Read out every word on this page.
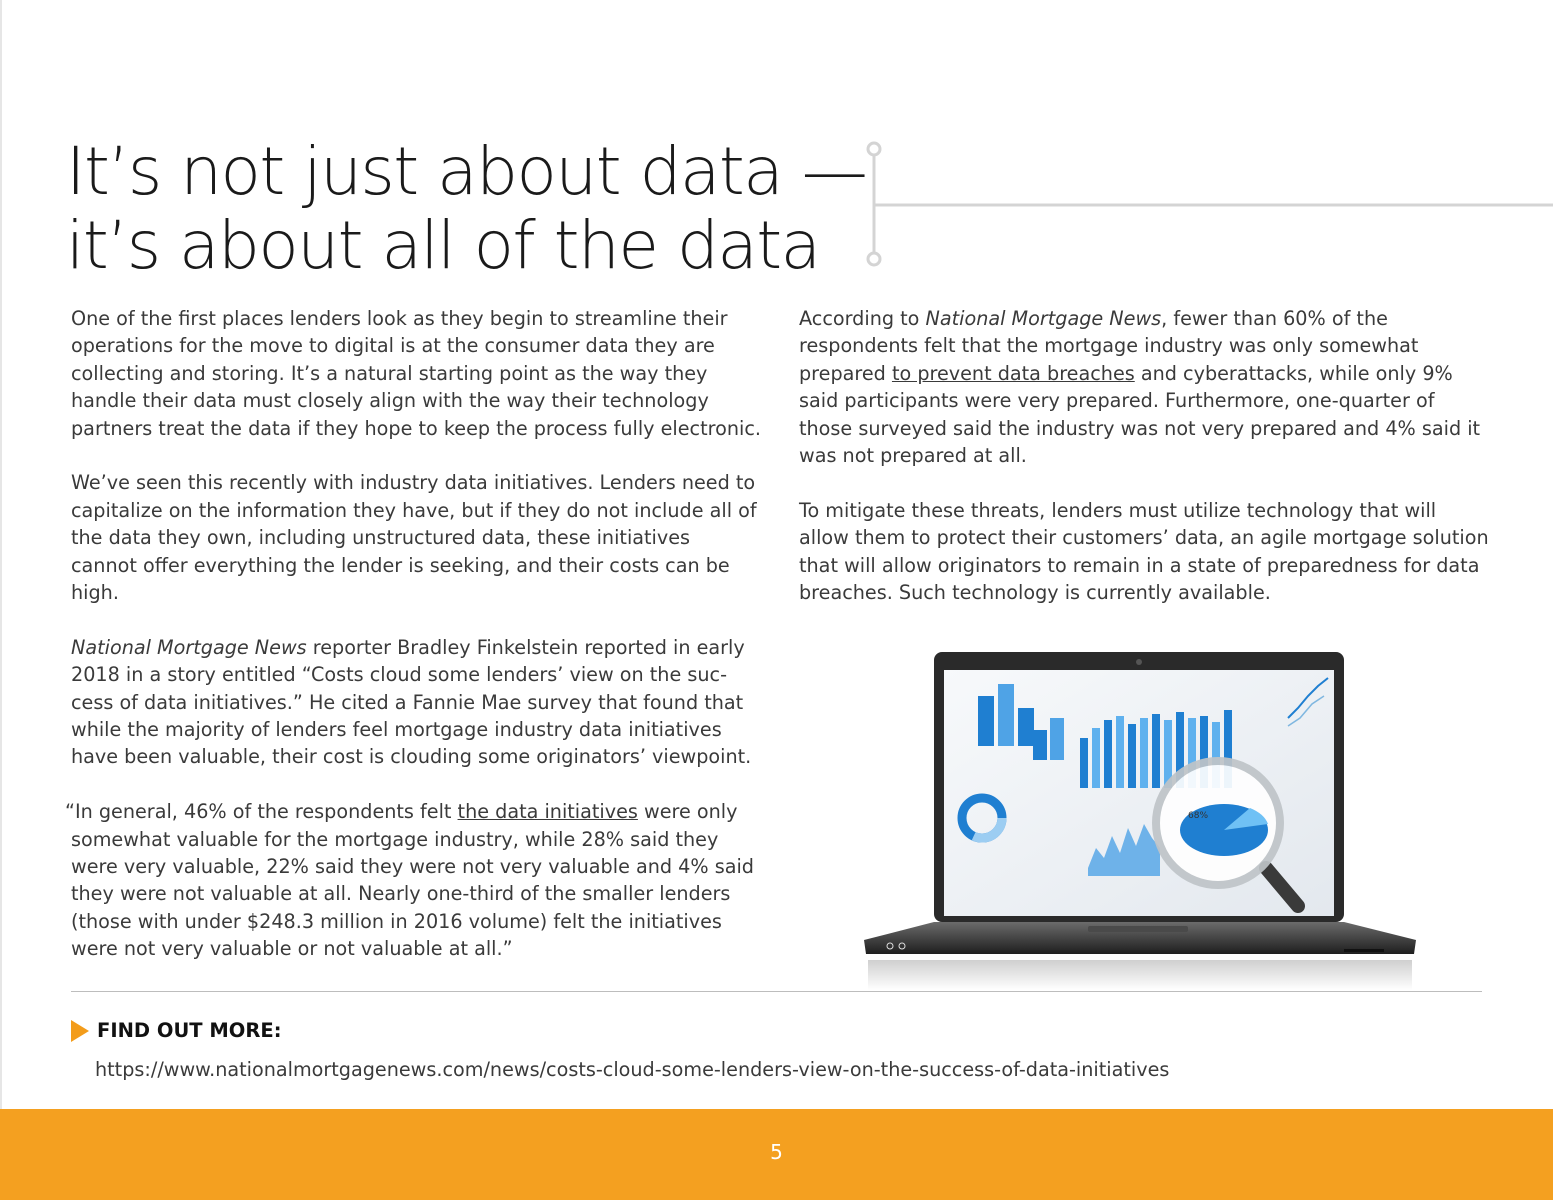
It’s not just about data —
it’s about all of the data

One of the first places lenders look as they begin to streamline their operations for the move to digital is at the consumer data they are collecting and storing. It’s a natural starting point as the way they handle their data must closely align with the way their technology partners treat the data if they hope to keep the process fully electronic.

We’ve seen this recently with industry data initiatives. Lenders need to capitalize on the information they have, but if they do not include all of the data they own, including unstructured data, these initiatives cannot offer everything the lender is seeking, and their costs can be high.

National Mortgage News reporter Bradley Finkelstein reported in early 2018 in a story entitled “Costs cloud some lenders’ view on the suc-cess of data initiatives.” He cited a Fannie Mae survey that found that while the majority of lenders feel mortgage industry data initiatives have been valuable, their cost is clouding some originators’ viewpoint.

“In general, 46% of the respondents felt the data initiatives were only somewhat valuable for the mortgage industry, while 28% said they were very valuable, 22% said they were not very valuable and 4% said they were not valuable at all. Nearly one-third of the smaller lenders (those with under $248.3 million in 2016 volume) felt the initiatives were not very valuable or not valuable at all.”

According to National Mortgage News, fewer than 60% of the respondents felt that the mortgage industry was only somewhat prepared to prevent data breaches and cyberattacks, while only 9% said participants were very prepared. Furthermore, one-quarter of those surveyed said the industry was not very prepared and 4% said it was not prepared at all.

To mitigate these threats, lenders must utilize technology that will allow them to protect their customers’ data, an agile mortgage solution that will allow originators to remain in a state of preparedness for data breaches. Such technology is currently available.

68%
FIND OUT MORE:
https://www.nationalmortgagenews.com/news/costs-cloud-some-lenders-view-on-the-success-of-data-initiatives
5
